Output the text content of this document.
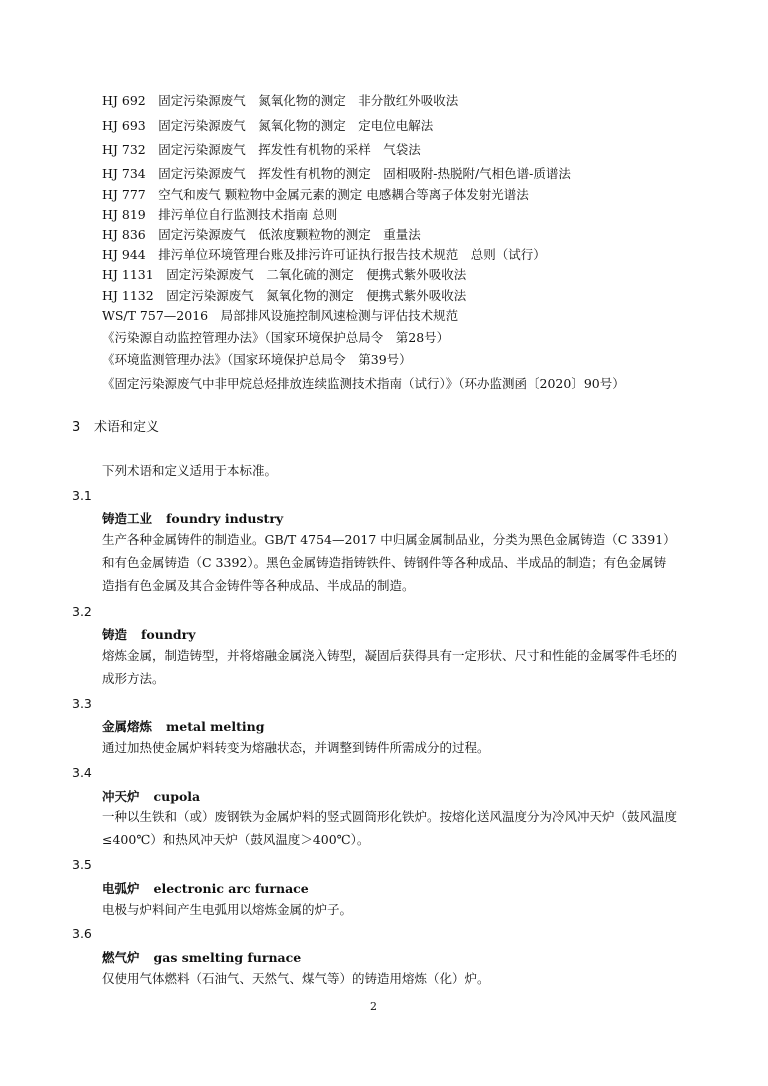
HJ 692　固定污染源废气　氮氧化物的测定　非分散红外吸收法
HJ 693　固定污染源废气　氮氧化物的测定　定电位电解法
HJ 732　固定污染源废气　挥发性有机物的采样　气袋法
HJ 734　固定污染源废气　挥发性有机物的测定　固相吸附-热脱附/气相色谱-质谱法
HJ 777　空气和废气 颗粒物中金属元素的测定 电感耦合等离子体发射光谱法
HJ 819　排污单位自行监测技术指南 总则
HJ 836　固定污染源废气　低浓度颗粒物的测定　重量法
HJ 944　排污单位环境管理台账及排污许可证执行报告技术规范　总则（试行）
HJ 1131　固定污染源废气　二氧化硫的测定　便携式紫外吸收法
HJ 1132　固定污染源废气　氮氧化物的测定　便携式紫外吸收法
WS/T 757—2016　局部排风设施控制风速检测与评估技术规范
《污染源自动监控管理办法》（国家环境保护总局令　第28号）
《环境监测管理办法》（国家环境保护总局令　第39号）
《固定污染源废气中非甲烷总烃排放连续监测技术指南（试行）》（环办监测函〔2020〕90号）
3 术语和定义
下列术语和定义适用于本标准。
3.1
铸造工业 foundry industry
生产各种金属铸件的制造业。GB/T 4754—2017 中归属金属制品业，分类为黑色金属铸造（C 3391）和有色金属铸造（C 3392）。黑色金属铸造指铸铁件、铸钢件等各种成品、半成品的制造；有色金属铸造指有色金属及其合金铸件等各种成品、半成品的制造。
3.2
铸造 foundry
熔炼金属，制造铸型，并将熔融金属浇入铸型，凝固后获得具有一定形状、尺寸和性能的金属零件毛坯的成形方法。
3.3
金属熔炼 metal melting
通过加热使金属炉料转变为熔融状态，并调整到铸件所需成分的过程。
3.4
冲天炉 cupola
一种以生铁和（或）废钢铁为金属炉料的竖式圆筒形化铁炉。按熔化送风温度分为冷风冲天炉（鼓风温度≤400℃）和热风冲天炉（鼓风温度＞400℃）。
3.5
电弧炉 electronic arc furnace
电极与炉料间产生电弧用以熔炼金属的炉子。
3.6
燃气炉 gas smelting furnace
仅使用气体燃料（石油气、天然气、煤气等）的铸造用熔炼（化）炉。
2
